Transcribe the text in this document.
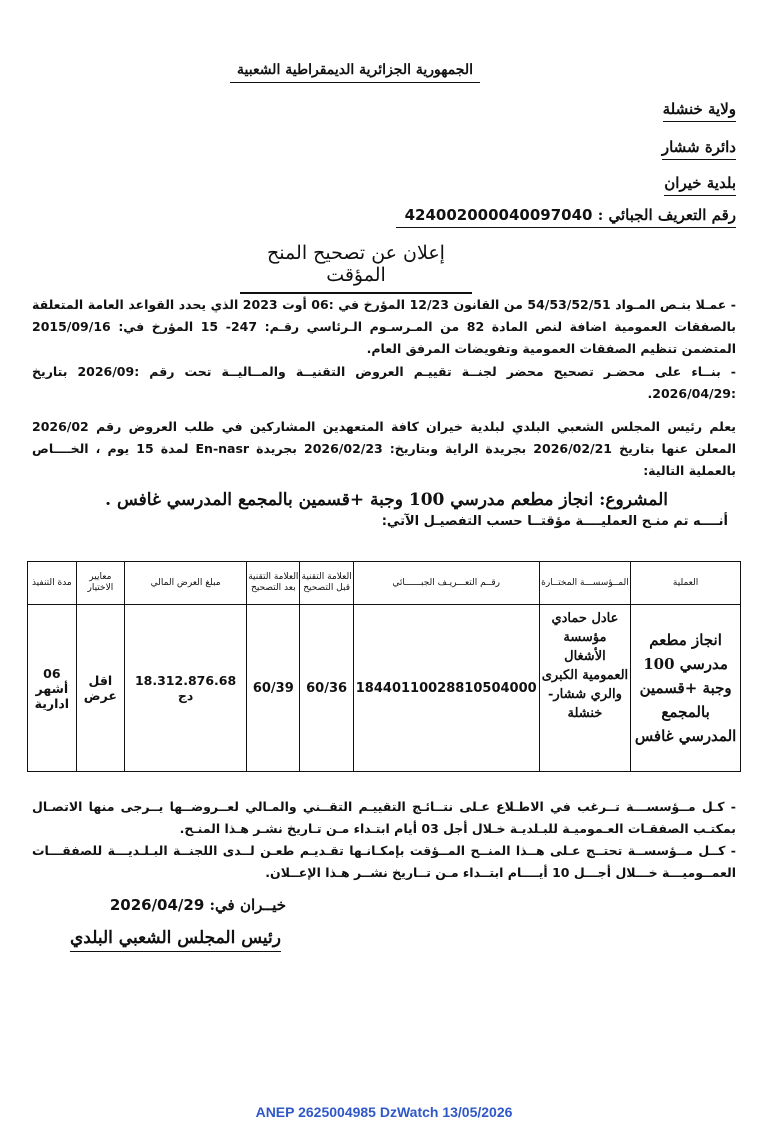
الجمهورية الجزائرية الديمقراطية الشعبية
ولاية خنشلة
دائرة ششار
بلدية خيران
رقم التعريف الجبائي : 424002000040097040
إعلان عن تصحيح المنح المؤقت
- عمـلا بنـص المـواد 54/53/52/51 من القانون 12/23 المؤرخ في :06 أوت 2023 الذي يحدد القواعد العامة المتعلقة بالصفقات العمومية اضافة لنص المادة 82 من المـرسـوم الـرئاسي رقـم: 247- 15 المؤرخ في: 2015/09/16 المتضمن تنظيم الصفقات العمومية وتفويضات المرفق العام.
- بنــاء على محضـر تصحيح محضر لجنــة تقييـم العروض التقنيــة والمــاليــة تحت رقم :2026/09 بتاريخ :2026/04/29.
يعلم رئيس المجلس الشعبي البلدي لبلدية خيران كافة المتعهدين المشاركين في طلب العروض رقم 2026/02 المعلن عنها بتاريخ 2026/02/21 بجريدة الراية وبتاريخ: 2026/02/23 بجريدة En-nasr لمدة 15 يوم ، الخــــاص بالعملية التالية:
المشروع: انجاز مطعم مدرسي 100 وجبة +قسمين بالمجمع المدرسي غافس .
أنــــه تم منـح العمليــــة مؤقتــا حسب التفصيـل الآتي:
العملية	المــؤسســـة المختــارة	رقــم التعـــريـف الجبــــــائي	العلامة التقنية قبل التصحيح	العلامة التقنية بعد التصحيح	مبلغ العرض المالي	معايير الاختيار	مدة التنفيذ
انجاز مطعم مدرسي 100 وجبة +قسمين بالمجمع المدرسي غافس	عادل حمادي مؤسسة الأشغال العمومية الكبرى والري ششار- خنشلة	18440110028810504000	60/36	60/39	18.312.876.68 دج	اقل عرض	06 أشهر ادارية
- كـل مــؤسســـة تــرغب في الاطـلاع عـلى نتــائـج التقييـم التقــني والمـالي لعــروضــها يــرجى منها الاتصـال بمكتـب الصفقـات العـموميـة للبـلديـة خـلال أجل 03 أيام ابتـداء مـن تـاريخ نشـر هـذا المنـح.
- كــل مــؤسســة تحتــج عـلى هــذا المنــح المــؤقت بإمكـانـها تقـديـم طعـن لــدى اللجنــة البـلـديـــة للصفقـــات العمــوميـــة خـــلال أجـــل 10 أيــــام ابتــداء مـن تــاريخ نشــر هـذا الإعــلان.
خيــران في: 2026/04/29
رئيس المجلس الشعبي البلدي
ANEP 2625004985 DzWatch 13/05/2026
